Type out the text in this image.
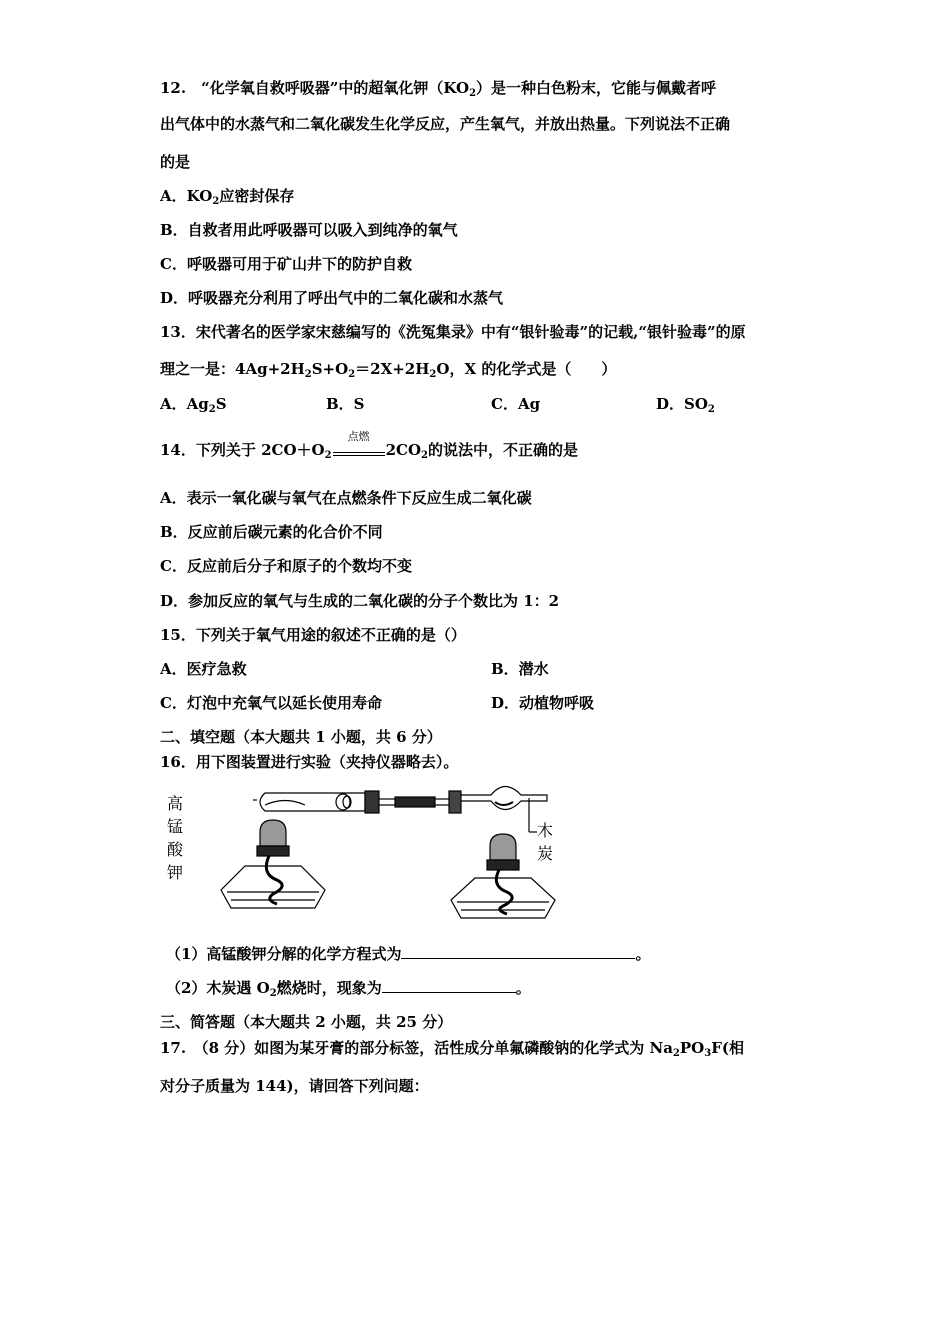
12.　“化学氧自救呼吸器”中的超氧化钾$(KO_2)$是一种白色粉末，它能与佩戴者呼
出气体中的水蒸气和二氧化碳发生化学反应，产生氧气，并放出热量。下列说法不正确
的是
A．$KO_2$应密封保存
B．自救者用此呼吸器可以吸入到纯净的氧气
C．呼吸器可用于矿山井下的防护自救
D．呼吸器充分利用了呼出气中的二氧化碳和水蒸气
13．宋代著名的医学家宋慈编写的《洗冤集录》中有“银针验毒”的记载,“银针验毒”的原
理之一是：$4Ag+2H_2S+O_2=2X+2H_2O$，X 的化学式是（　　）
A．$Ag_2S$	B．S	C．Ag	D．$SO_2$
14．下列关于 $2CO+O_2$
点燃
$2CO_2$的说法中，不正确的是
A．表示一氧化碳与氧气在点燃条件下反应生成二氧化碳
B．反应前后碳元素的化合价不同
C．反应前后分子和原子的个数均不变
D．参加反应的氧气与生成的二氧化碳的分子个数比为 1：2
15．下列关于氧气用途的叙述不正确的是（）
A．医疗急救	B．潜水
C．灯泡中充氧气以延长使用寿命	D．动植物呼吸
二、填空题（本大题共 1 小题，共 6 分）
16．用下图装置进行实验（夹持仪器略去）。
高锰酸钾
木炭
（1）高锰酸钾分解的化学方程式为	。
（2）木炭遇 $O_2$燃烧时，现象为	。
三、简答题（本大题共 2 小题，共 25 分）
17.　（8 分）如图为某牙膏的部分标签，活性成分单氟磷酸钠的化学式为 $Na_2PO_3F$(相
对分子质量为 144)，请回答下列问题：
